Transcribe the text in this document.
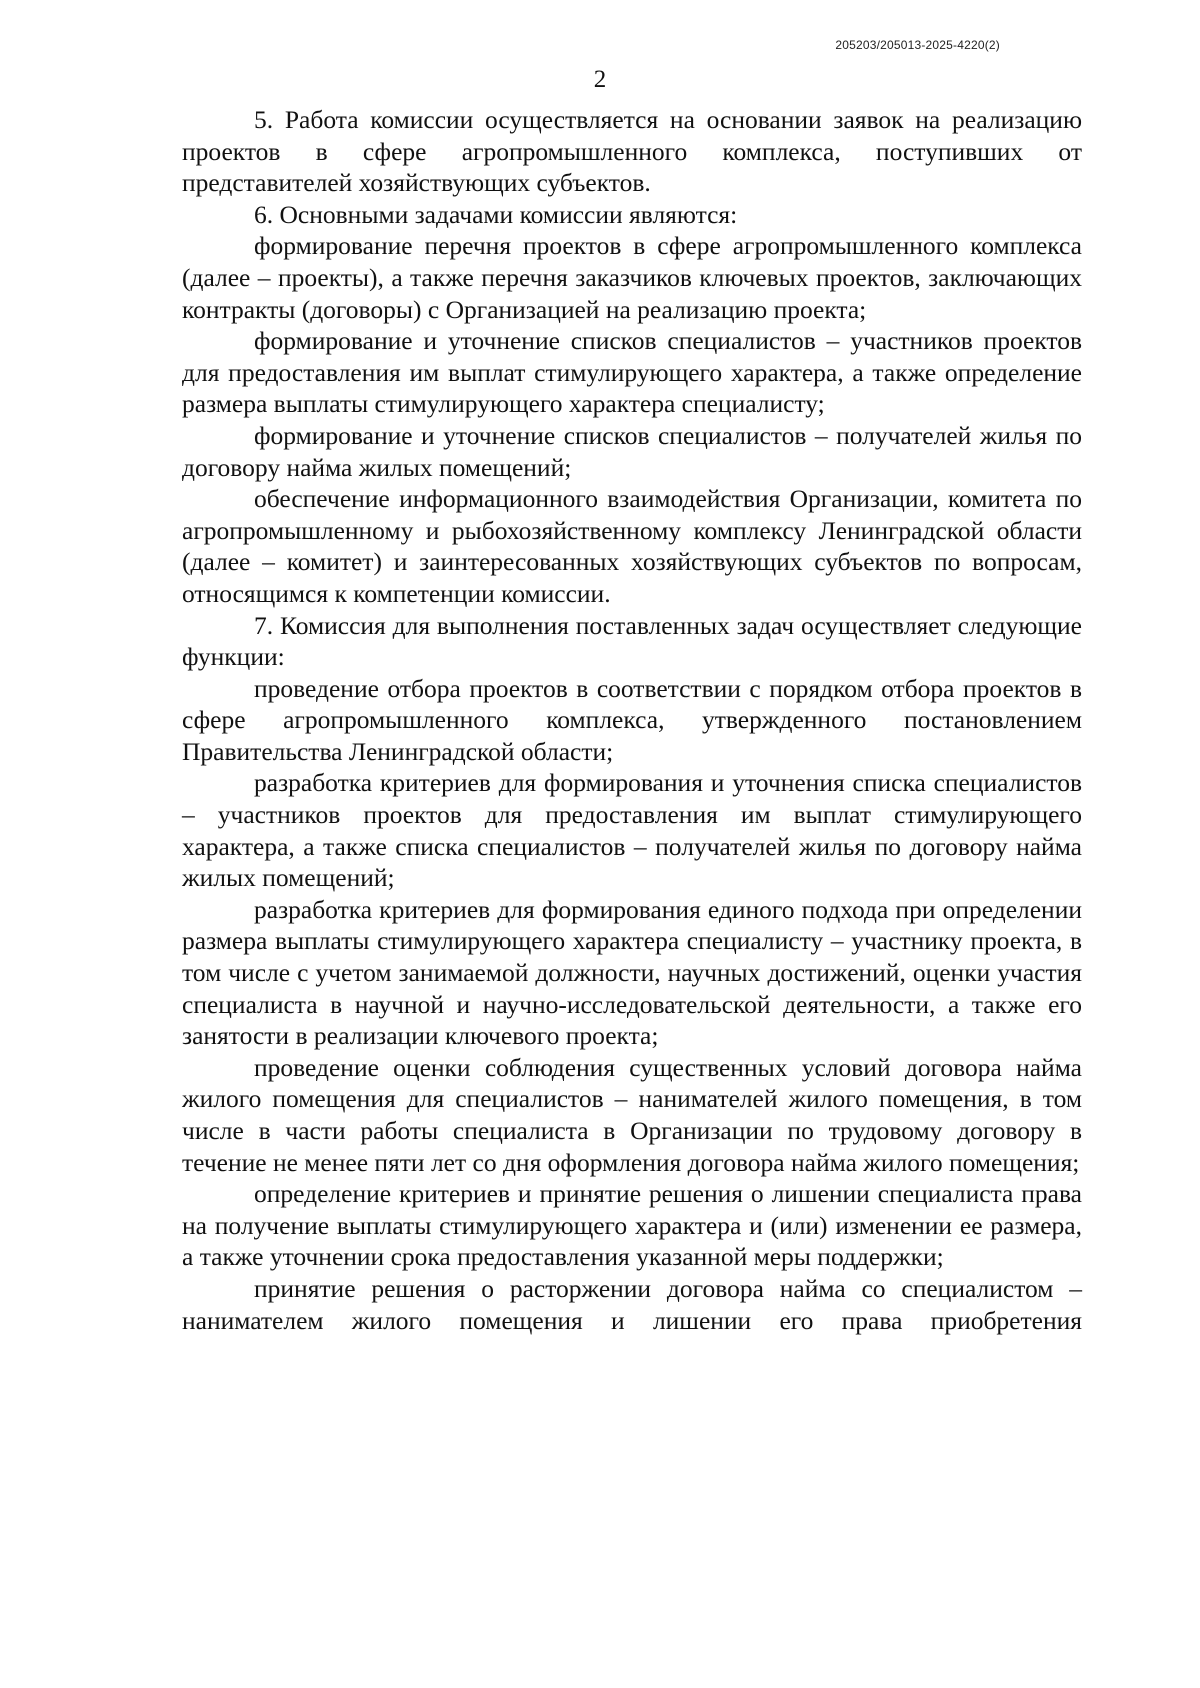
205203/205013-2025-4220(2)
2

5. Работа комиссии осуществляется на основании заявок на реализацию проектов в сфере агропромышленного комплекса, поступивших от представителей хозяйствующих субъектов.

6. Основными задачами комиссии являются:

формирование перечня проектов в сфере агропромышленного комплекса (далее – проекты), а также перечня заказчиков ключевых проектов, заключающих контракты (договоры) с Организацией на реализацию проекта;

формирование и уточнение списков специалистов – участников проектов для предоставления им выплат стимулирующего характера, а также определение размера выплаты стимулирующего характера специалисту;

формирование и уточнение списков специалистов – получателей жилья по договору найма жилых помещений;

обеспечение информационного взаимодействия Организации, комитета по агропромышленному и рыбохозяйственному комплексу Ленинградской области (далее – комитет) и заинтересованных хозяйствующих субъектов по вопросам, относящимся к компетенции комиссии.

7. Комиссия для выполнения поставленных задач осуществляет следующие функции:

проведение отбора проектов в соответствии с порядком отбора проектов в сфере агропромышленного комплекса, утвержденного постановлением Правительства Ленинградской области;

разработка критериев для формирования и уточнения списка специалистов – участников проектов для предоставления им выплат стимулирующего характера, а также списка специалистов – получателей жилья по договору найма жилых помещений;

разработка критериев для формирования единого подхода при определении размера выплаты стимулирующего характера специалисту – участнику проекта, в том числе с учетом занимаемой должности, научных достижений, оценки участия специалиста в научной и научно-исследовательской деятельности, а также его занятости в реализации ключевого проекта;

проведение оценки соблюдения существенных условий договора найма жилого помещения для специалистов – нанимателей жилого помещения, в том числе в части работы специалиста в Организации по трудовому договору в течение не менее пяти лет со дня оформления договора найма жилого помещения;

определение критериев и принятие решения о лишении специалиста права на получение выплаты стимулирующего характера и (или) изменении ее размера, а также уточнении срока предоставления указанной меры поддержки;

принятие решения о расторжении договора найма со специалистом – нанимателем жилого помещения и лишении его права приобретения
